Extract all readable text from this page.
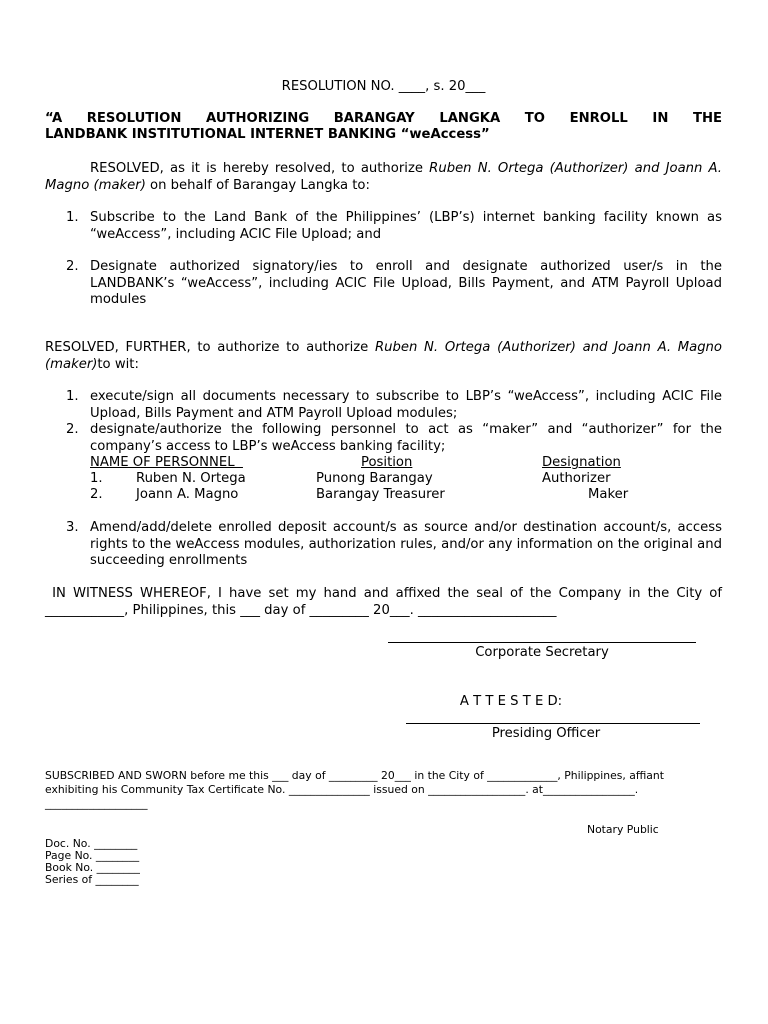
RESOLUTION NO. ____, s. 20___
“A RESOLUTION AUTHORIZING BARANGAY LANGKA TO ENROLL IN THE
LANDBANK INSTITUTIONAL INTERNET BANKING “weAccess”
RESOLVED, as it is hereby resolved, to authorize Ruben N. Ortega (Authorizer) and Joann A. Magno (maker) on behalf of Barangay Langka to:
1. Subscribe to the Land Bank of the Philippines’ (LBP’s) internet banking facility known as “weAccess”, including ACIC File Upload; and
2. Designate authorized signatory/ies to enroll and designate authorized user/s in the LANDBANK’s “weAccess”, including ACIC File Upload, Bills Payment, and ATM Payroll Upload modules
RESOLVED, FURTHER, to authorize to authorize Ruben N. Ortega (Authorizer) and Joann A. Magno (maker)to wit:
1. execute/sign all documents necessary to subscribe to LBP’s “weAccess”, including ACIC File Upload, Bills Payment and ATM Payroll Upload modules;
2. designate/authorize the following personnel to act as “maker” and “authorizer” for the company’s access to LBP’s weAccess banking facility;
NAME OF PERSONNEL	Position	Designation
1.	Ruben N. Ortega	Punong Barangay	Authorizer
2.	Joann A. Magno	Barangay Treasurer	Maker
3. Amend/add/delete enrolled deposit account/s as source and/or destination account/s, access rights to the weAccess modules, authorization rules, and/or any information on the original and succeeding enrollments
IN WITNESS WHEREOF, I have set my hand and affixed the seal of the Company in the City of ____________, Philippines, this ___ day of _________ 20___. _____________________
Corporate Secretary
A T T E S T E D:
Presiding Officer
SUBSCRIBED AND SWORN before me this ___ day of _________ 20___ in the City of _____________, Philippines, affiant exhibiting his Community Tax Certificate No. _______________ issued on __________________. at_________________. ___________________
Notary Public
Doc. No. ________
Page No. ________
Book No. ________
Series of ________
